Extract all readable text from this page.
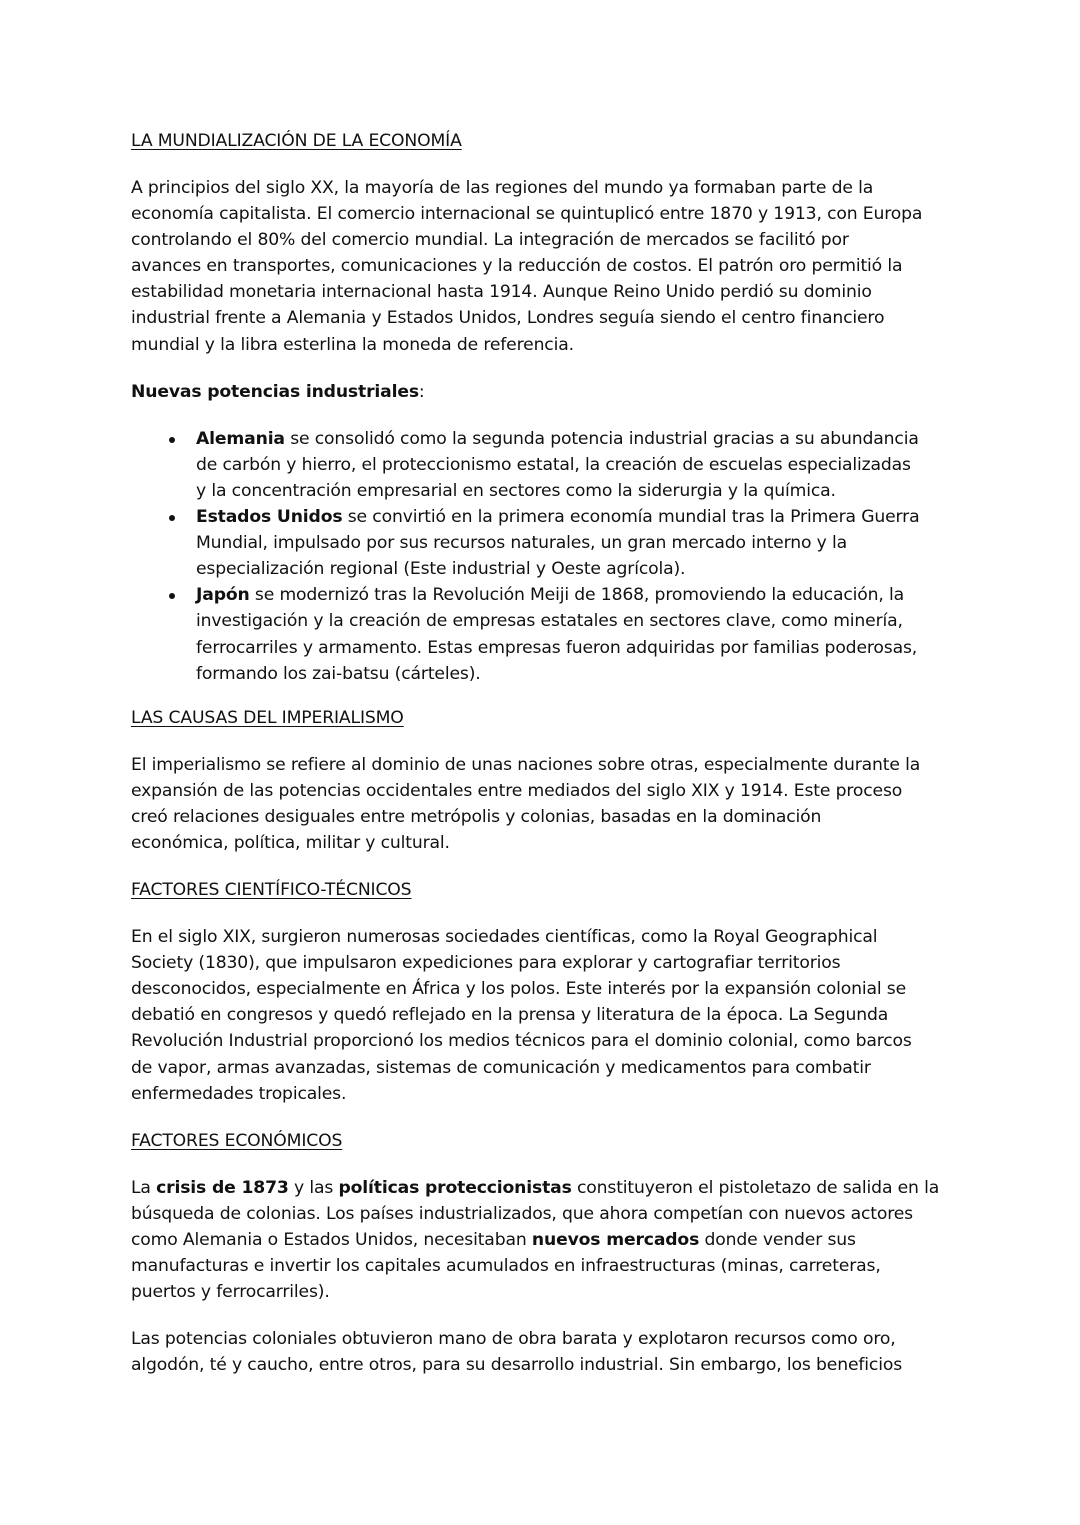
LA MUNDIALIZACIÓN DE LA ECONOMÍA

A principios del siglo XX, la mayoría de las regiones del mundo ya formaban parte de la
economía capitalista. El comercio internacional se quintuplicó entre 1870 y 1913, con Europa
controlando el 80% del comercio mundial. La integración de mercados se facilitó por
avances en transportes, comunicaciones y la reducción de costos. El patrón oro permitió la
estabilidad monetaria internacional hasta 1914. Aunque Reino Unido perdió su dominio
industrial frente a Alemania y Estados Unidos, Londres seguía siendo el centro financiero
mundial y la libra esterlina la moneda de referencia.

Nuevas potencias industriales:

Alemania se consolidó como la segunda potencia industrial gracias a su abundancia
de carbón y hierro, el proteccionismo estatal, la creación de escuelas especializadas
y la concentración empresarial en sectores como la siderurgia y la química.
Estados Unidos se convirtió en la primera economía mundial tras la Primera Guerra
Mundial, impulsado por sus recursos naturales, un gran mercado interno y la
especialización regional (Este industrial y Oeste agrícola).
Japón se modernizó tras la Revolución Meiji de 1868, promoviendo la educación, la
investigación y la creación de empresas estatales en sectores clave, como minería,
ferrocarriles y armamento. Estas empresas fueron adquiridas por familias poderosas,
formando los zai-batsu (cárteles).
LAS CAUSAS DEL IMPERIALISMO

El imperialismo se refiere al dominio de unas naciones sobre otras, especialmente durante la
expansión de las potencias occidentales entre mediados del siglo XIX y 1914. Este proceso
creó relaciones desiguales entre metrópolis y colonias, basadas en la dominación
económica, política, militar y cultural.

FACTORES CIENTÍFICO-TÉCNICOS

En el siglo XIX, surgieron numerosas sociedades científicas, como la Royal Geographical
Society (1830), que impulsaron expediciones para explorar y cartografiar territorios
desconocidos, especialmente en África y los polos. Este interés por la expansión colonial se
debatió en congresos y quedó reflejado en la prensa y literatura de la época. La Segunda
Revolución Industrial proporcionó los medios técnicos para el dominio colonial, como barcos
de vapor, armas avanzadas, sistemas de comunicación y medicamentos para combatir
enfermedades tropicales.

FACTORES ECONÓMICOS

La crisis de 1873 y las políticas proteccionistas constituyeron el pistoletazo de salida en la
búsqueda de colonias. Los países industrializados, que ahora competían con nuevos actores
como Alemania o Estados Unidos, necesitaban nuevos mercados donde vender sus
manufacturas e invertir los capitales acumulados en infraestructuras (minas, carreteras,
puertos y ferrocarriles).

Las potencias coloniales obtuvieron mano de obra barata y explotaron recursos como oro,
algodón, té y caucho, entre otros, para su desarrollo industrial. Sin embargo, los beneficios
